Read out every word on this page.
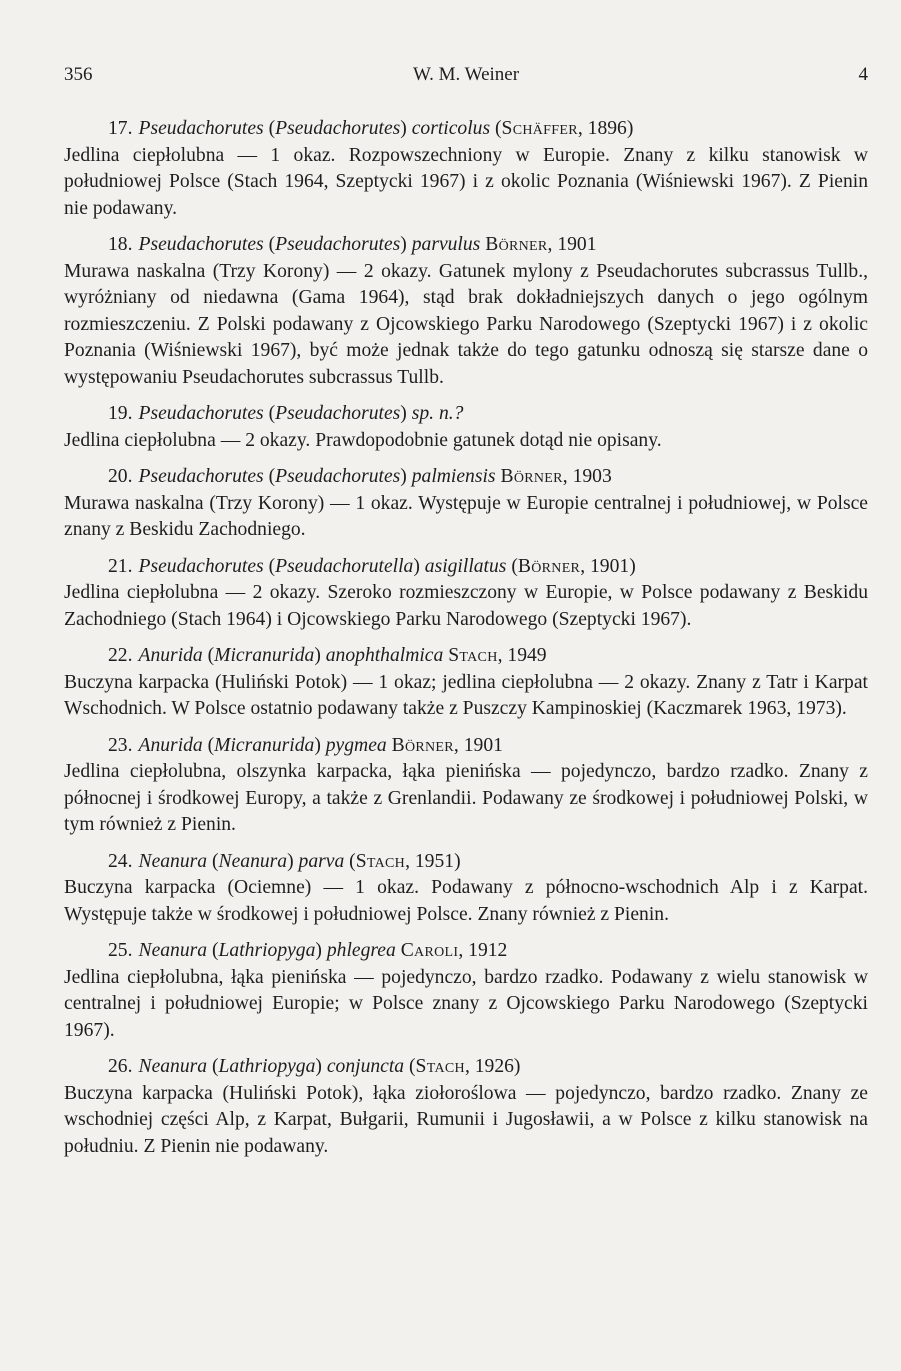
356	W. M. Weiner	4
17. Pseudachorutes (Pseudachorutes) corticolus (Schäffer, 1896)
Jedlina ciepłolubna — 1 okaz. Rozpowszechniony w Europie. Znany z kilku stanowisk w południowej Polsce (Stach 1964, Szeptycki 1967) i z okolic Poznania (Wiśniewski 1967). Z Pienin nie podawany.
18. Pseudachorutes (Pseudachorutes) parvulus Börner, 1901
Murawa naskalna (Trzy Korony) — 2 okazy. Gatunek mylony z Pseudachorutes subcrassus Tullb., wyróżniany od niedawna (Gama 1964), stąd brak dokładniejszych danych o jego ogólnym rozmieszczeniu. Z Polski podawany z Ojcowskiego Parku Narodowego (Szeptycki 1967) i z okolic Poznania (Wiśniewski 1967), być może jednak także do tego gatunku odnoszą się starsze dane o występowaniu Pseudachorutes subcrassus Tullb.
19. Pseudachorutes (Pseudachorutes) sp. n.?
Jedlina ciepłolubna — 2 okazy. Prawdopodobnie gatunek dotąd nie opisany.
20. Pseudachorutes (Pseudachorutes) palmiensis Börner, 1903
Murawa naskalna (Trzy Korony) — 1 okaz. Występuje w Europie centralnej i południowej, w Polsce znany z Beskidu Zachodniego.
21. Pseudachorutes (Pseudachorutella) asigillatus (Börner, 1901)
Jedlina ciepłolubna — 2 okazy. Szeroko rozmieszczony w Europie, w Polsce podawany z Beskidu Zachodniego (Stach 1964) i Ojcowskiego Parku Narodowego (Szeptycki 1967).
22. Anurida (Micranurida) anophthalmica Stach, 1949
Buczyna karpacka (Huliński Potok) — 1 okaz; jedlina ciepłolubna — 2 okazy. Znany z Tatr i Karpat Wschodnich. W Polsce ostatnio podawany także z Puszczy Kampinoskiej (Kaczmarek 1963, 1973).
23. Anurida (Micranurida) pygmea Börner, 1901
Jedlina ciepłolubna, olszynka karpacka, łąka pienińska — pojedynczo, bardzo rzadko. Znany z północnej i środkowej Europy, a także z Grenlandii. Podawany ze środkowej i południowej Polski, w tym również z Pienin.
24. Neanura (Neanura) parva (Stach, 1951)
Buczyna karpacka (Ociemne) — 1 okaz. Podawany z północno-wschodnich Alp i z Karpat. Występuje także w środkowej i południowej Polsce. Znany również z Pienin.
25. Neanura (Lathriopyga) phlegrea Caroli, 1912
Jedlina ciepłolubna, łąka pienińska — pojedynczo, bardzo rzadko. Podawany z wielu stanowisk w centralnej i południowej Europie; w Polsce znany z Ojcowskiego Parku Narodowego (Szeptycki 1967).
26. Neanura (Lathriopyga) conjuncta (Stach, 1926)
Buczyna karpacka (Huliński Potok), łąka ziołoroślowa — pojedynczo, bardzo rzadko. Znany ze wschodniej części Alp, z Karpat, Bułgarii, Rumunii i Jugosławii, a w Polsce z kilku stanowisk na południu. Z Pienin nie podawany.
